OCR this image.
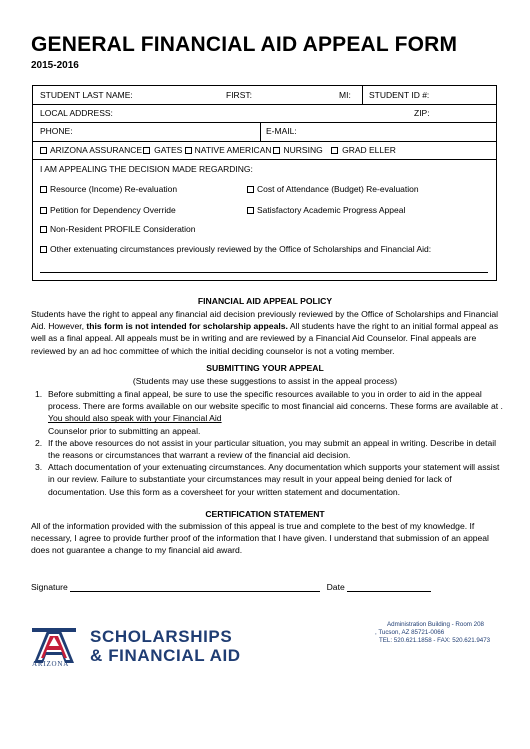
GENERAL FINANCIAL AID APPEAL FORM
2015-2016
STUDENT LAST NAME:	FIRST:	MI: STUDENT ID #:
LOCAL ADDRESS:	ZIP:
PHONE:	E-MAIL:
ARIZONA ASSURANCE GATES NATIVE AMERICAN NURSING GRAD ELLER
I AM APPEALING THE DECISION MADE REGARDING:
Resource (Income) Re-evaluation	Cost of Attendance (Budget) Re-evaluation
Petition for Dependency Override	Satisfactory Academic Progress Appeal
Non-Resident PROFILE Consideration
Other extenuating circumstances previously reviewed by the Office of Scholarships and Financial Aid:
FINANCIAL AID APPEAL POLICY
Students have the right to appeal any financial aid decision previously reviewed by the Office of Scholarships and Financial Aid. However, this form is not intended for scholarship appeals. All students have the right to an initial formal appeal as well as a final appeal. All appeals must be in writing and are reviewed by a Financial Aid Counselor. Final appeals are reviewed by an ad hoc committee of which the initial deciding counselor is not a voting member.
SUBMITTING YOUR APPEAL
(Students may use these suggestions to assist in the appeal process)
1. Before submitting a final appeal, be sure to use the specific resources available to you in order to aid in the appeal process. There are forms available on our website specific to most financial aid concerns. These forms are available at . You should also speak with your Financial Aid
Counselor prior to submitting an appeal.
2. If the above resources do not assist in your particular situation, you may submit an appeal in writing. Describe in detail the reasons or circumstances that warrant a review of the financial aid decision.
3. Attach documentation of your extenuating circumstances. Any documentation which supports your statement will assist in our review. Failure to substantiate your circumstances may result in your appeal being denied for lack of documentation. Use this form as a coversheet for your written statement and documentation.
CERTIFICATION STATEMENT
All of the information provided with the submission of this appeal is true and complete to the best of my knowledge. If necessary, I agree to provide further proof of the information that I have given. I understand that submission of an appeal does not guarantee a change to my financial aid award.
Signature	Date
ARIZONA
SCHOLARSHIPS
& FINANCIAL AID
Administration Building - Room 208
, Tucson, AZ 85721-0066
TEL: 520.621.1858 - FAX: 520.621.9473
